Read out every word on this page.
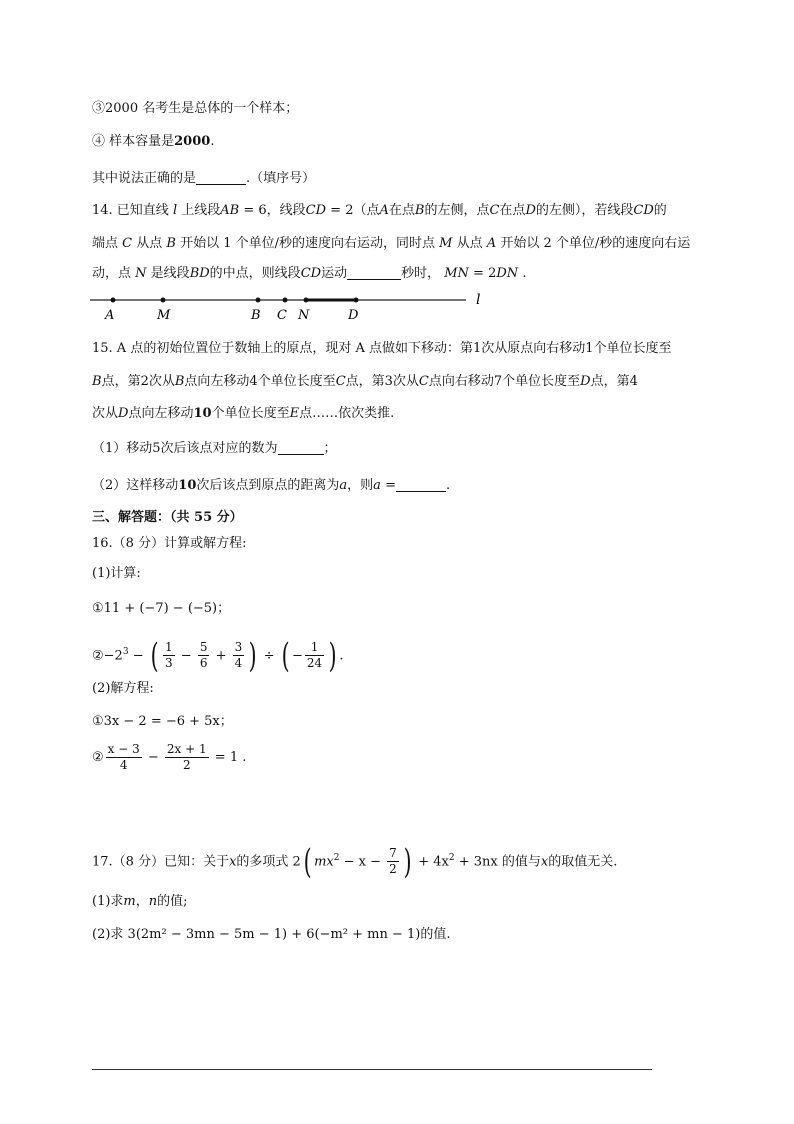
③2000 名考生是总体的一个样本；
④ 样本容量是2000.
其中说法正确的是	.（填序号）
14. 已知直线 l 上线段AB = 6，线段CD = 2（点A在点B的左侧，点C在点D的左侧），若线段CD的
端点 C 从点 B 开始以 1 个单位/秒的速度向右运动，同时点 M 从点 A 开始以 2 个单位/秒的速度向右运
动，点 N 是线段BD的中点，则线段CD运动	秒时， MN = 2DN .
l
A	M	B C N	D
15. A 点的初始位置位于数轴上的原点，现对 A 点做如下移动：第1次从原点向右移动1个单位长度至
B点，第2次从B点向左移动4个单位长度至C点，第3次从C点向右移动7个单位长度至D点，第4
次从D点向左移动10个单位长度至E点……依次类推.
（1）移动5次后该点对应的数为	；
（2）这样移动10次后该点到原点的距离为a，则a =	.
三、解答题：（共 55 分）
16.（8 分）计算或解方程:
(1)计算:
①11 + (−7) − (−5)；
$②-2^3$ − ( $\frac{1}{3} - \frac{5}{6} + \frac{3}{4}$ ) ÷ ( − $\frac{1}{24}$ ) .
(2)解方程:
①3x − 2 = −6 + 5x；
② $\frac{x - 3}{4} - \frac{2x + 1}{2} = 1$ .
17.（8 分）已知：关于x的多项式 2( $mx^2 - x - \frac{7}{2}$ ) + $4x^2 + 3nx$ 的值与x的取值无关.
(1)求m，n的值;
(2)求 3(2m² − 3mn − 5m − 1) + 6(−m² + mn − 1)的值.
